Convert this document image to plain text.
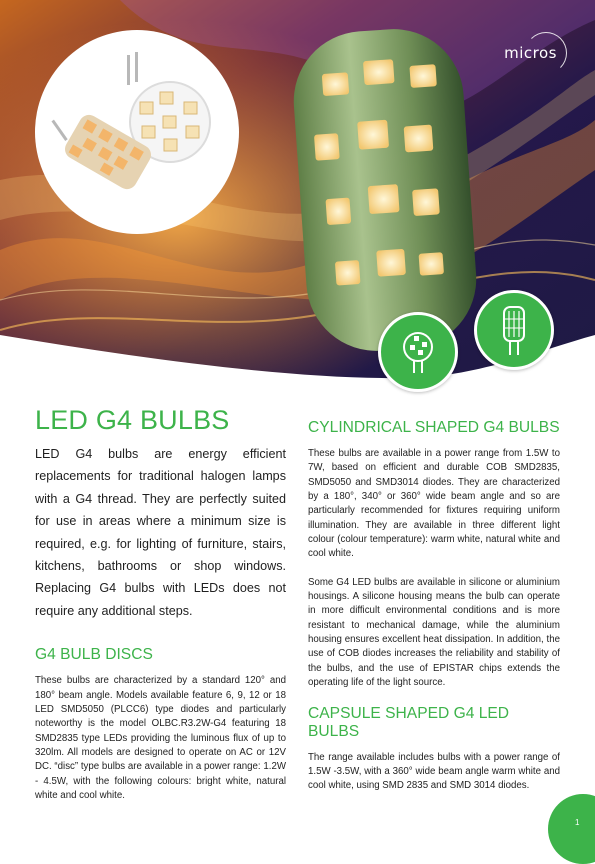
micros
LED G4 BULBS

LED G4 bulbs are energy efficient replacements for traditional halogen lamps with a G4 thread. They are perfectly suited for use in areas where a minimum size is required, e.g. for lighting of furniture, stairs, kitchens, bathrooms or shop windows. Replacing G4 bulbs with LEDs does not require any additional steps.

G4 BULB DISCS

These bulbs are characterized by a standard 120° and 180° beam angle. Models available feature 6, 9, 12 or 18 LED SMD5050 (PLCC6) type diodes and particularly noteworthy is the model OLBC.R3.2W-G4 featuring 18 SMD2835 type LEDs providing the luminous flux of up to 320lm. All models are designed to operate on AC or 12V DC. “disc” type bulbs are available in a power range: 1.2W - 4.5W, with the following colours: bright white, natural white and cool white.

CYLINDRICAL SHAPED G4 BULBS

These bulbs are available in a power range from 1.5W to 7W, based on efficient and durable COB SMD2835, SMD5050 and SMD3014 diodes. They are characterized by a 180°, 340° or 360° wide beam angle and so are particularly recommended for fixtures requiring uniform illumination. They are available in three different light colour (colour temperature): warm white, natural white and cool white.

Some G4 LED bulbs are available in silicone or aluminium housings. A silicone housing means the bulb can operate in more difficult environmental conditions and is more resistant to mechanical damage, while the aluminium housing ensures excellent heat dissipation. In addition, the use of COB diodes increases the reliability and stability of the bulbs, and the use of EPISTAR chips extends the operating life of the light source.

CAPSULE SHAPED G4 LED BULBS

The range available includes bulbs with a power range of 1.5W -3.5W, with a 360° wide beam angle warm white and cool white, using SMD 2835 and SMD 3014 diodes.

1
